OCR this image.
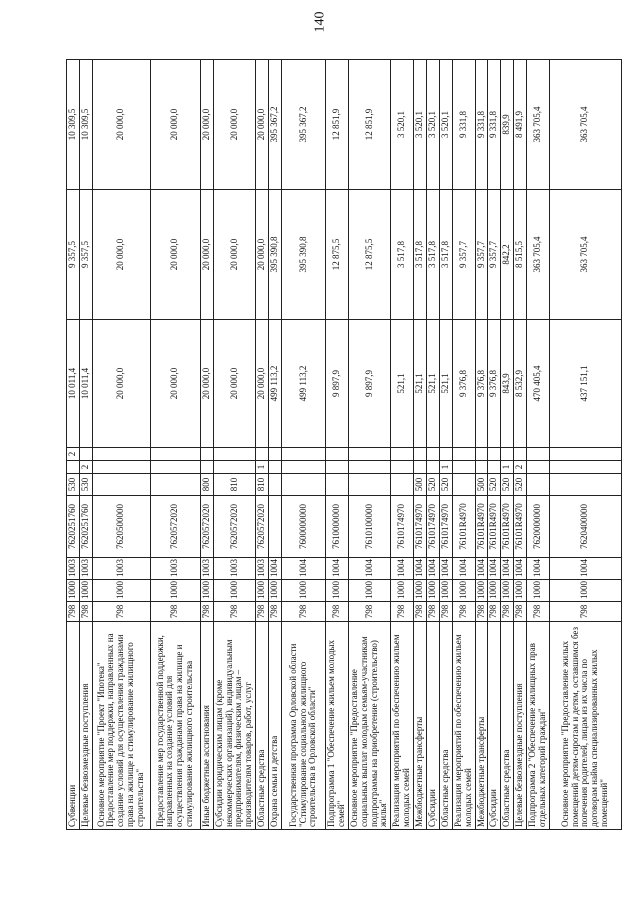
140
Субвенции	798	1000	1003	7620251760	530		2	10 011,4	9 357,5	10 309,5
Целевые безвозмездные поступления	798	1000	1003	7620251760	530	2		10 011,4	9 357,5	10 309,5
Основное мероприятие "Проект "Ипотека" Предоставление мер поддержки, направленных на создание условий для осуществления гражданами права на жилище и стимулирование жилищного строительства"	798	1000	1003	7620500000				20 000,0	20 000,0	20 000,0
Предоставление мер государственной поддержки, направленных на создание условий для осуществления гражданами права на жилище и стимулирование жилищного строительства	798	1000	1003	7620572020				20 000,0	20 000,0	20 000,0
Иные бюджетные ассигнования	798	1000	1003	7620572020	800			20 000,0	20 000,0	20 000,0
Субсидии юридическим лицам (кроме некоммерческих организаций), индивидуальным предпринимателям, физическим лицам – производителям товаров, работ, услуг	798	1000	1003	7620572020	810			20 000,0	20 000,0	20 000,0
Областные средства	798	1000	1003	7620572020	810	1		20 000,0	20 000,0	20 000,0
Охрана семьи и детства	798	1000	1004					499 113,2	395 390,8	395 367,2
Государственная программа Орловской области "Стимулирование социального жилищного строительства в Орловской области"	798	1000	1004	7600000000				499 113,2	395 390,8	395 367,2
Подпрограмма 1 "Обеспечение жильем молодых семей"	798	1000	1004	7610000000				9 897,9	12 875,5	12 851,9
Основное мероприятие "Предоставление социальных выплат молодым семьям-участникам подпрограммы на приобретение (строительство) жилья"	798	1000	1004	7610100000				9 897,9	12 875,5	12 851,9
Реализация мероприятий по обеспечению жильем молодых семей	798	1000	1004	7610174970				521,1	3 517,8	3 520,1
Межбюджетные трансферты	798	1000	1004	7610174970	500			521,1	3 517,8	3 520,1
Субсидии	798	1000	1004	7610174970	520			521,1	3 517,8	3 520,1
Областные средства	798	1000	1004	7610174970	520	1		521,1	3 517,8	3 520,1
Реализация мероприятий по обеспечению жильем молодых семей	798	1000	1004	76101R4970				9 376,8	9 357,7	9 331,8
Межбюджетные трансферты	798	1000	1004	76101R4970	500			9 376,8	9 357,7	9 331,8
Субсидии	798	1000	1004	76101R4970	520			9 376,8	9 357,7	9 331,8
Областные средства	798	1000	1004	76101R4970	520	1		843,9	842,2	839,9
Целевые безвозмездные поступления	798	1000	1004	76101R4970	520	2		8 532,9	8 515,5	8 491,9
Подпрограмма 2 "Обеспечение жилищных прав отдельных категорий граждан"	798	1000	1004	7620000000				470 405,4	363 705,4	363 705,4
Основное мероприятие "Предоставление жилых помещений детям-сиротам и детям, оставшимся без попечения родителей, лицам из их числа по договорам найма специализированных жилых помещений"	798	1000	1004	7620400000				437 151,1	363 705,4	363 705,4
